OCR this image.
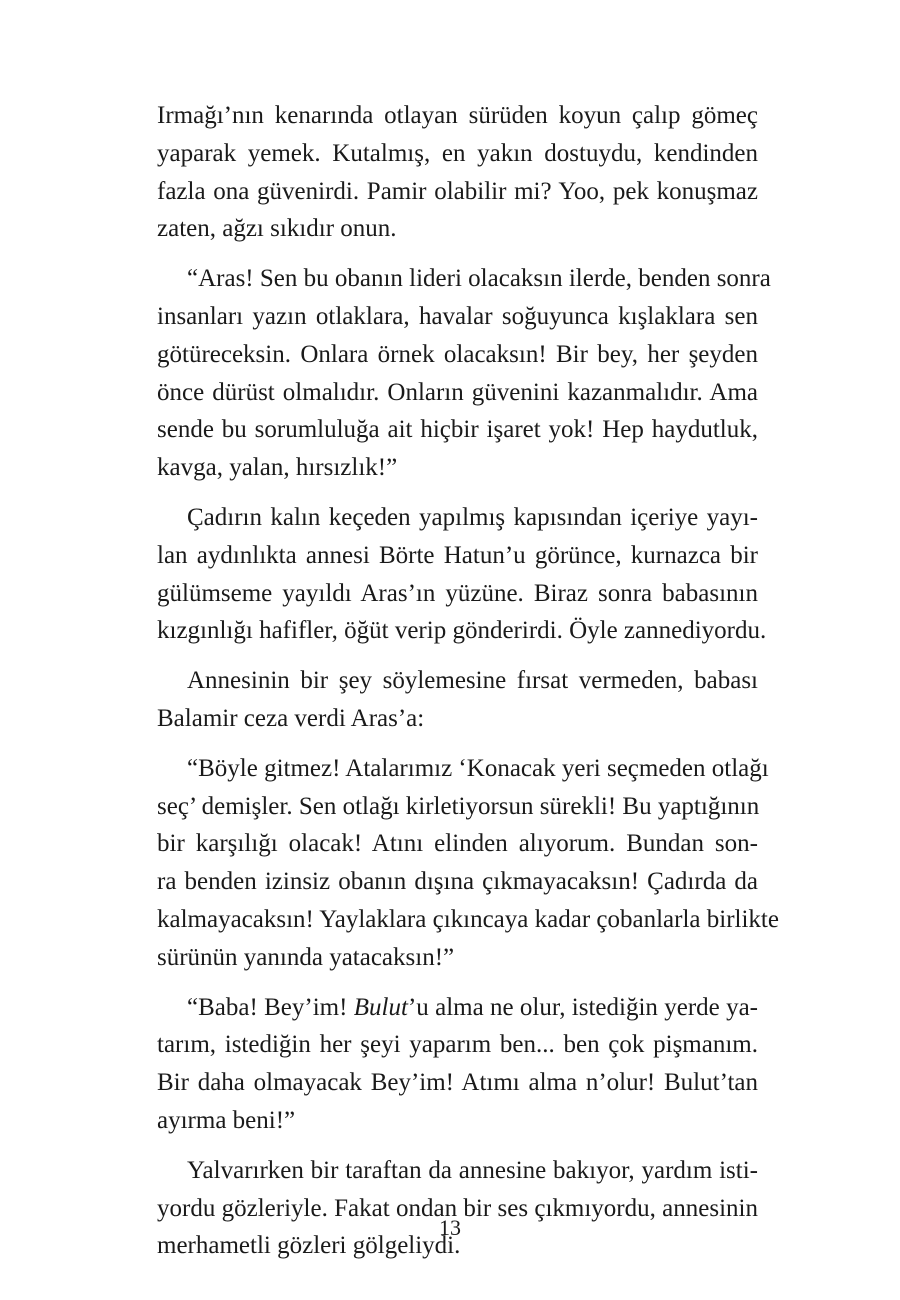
Irmağı’nın kenarında otlayan sürüden koyun çalıp gömeç
yaparak yemek. Kutalmış, en yakın dostuydu, kendinden
fazla ona güvenirdi. Pamir olabilir mi? Yoo, pek konuşmaz
zaten, ağzı sıkıdır onun.

“Aras! Sen bu obanın lideri olacaksın ilerde, benden sonra
insanları yazın otlaklara, havalar soğuyunca kışlaklara sen
götüreceksin. Onlara örnek olacaksın! Bir bey, her şeyden
önce dürüst olmalıdır. Onların güvenini kazanmalıdır. Ama
sende bu sorumluluğa ait hiçbir işaret yok! Hep haydutluk,
kavga, yalan, hırsızlık!”

Çadırın kalın keçeden yapılmış kapısından içeriye yayı-
lan aydınlıkta annesi Börte Hatun’u görünce, kurnazca bir
gülümseme yayıldı Aras’ın yüzüne. Biraz sonra babasının
kızgınlığı hafifler, öğüt verip gönderirdi. Öyle zannediyordu.

Annesinin bir şey söylemesine fırsat vermeden, babası
Balamir ceza verdi Aras’a:

“Böyle gitmez! Atalarımız ‘Konacak yeri seçmeden otlağı
seç’ demişler. Sen otlağı kirletiyorsun sürekli! Bu yaptığının
bir karşılığı olacak! Atını elinden alıyorum. Bundan son-
ra benden izinsiz obanın dışına çıkmayacaksın! Çadırda da
kalmayacaksın! Yaylaklara çıkıncaya kadar çobanlarla birlikte
sürünün yanında yatacaksın!”

“Baba! Bey’im! Bulut’u alma ne olur, istediğin yerde ya-
tarım, istediğin her şeyi yaparım ben... ben çok pişmanım.
Bir daha olmayacak Bey’im! Atımı alma n’olur! Bulut’tan
ayırma beni!”

Yalvarırken bir taraftan da annesine bakıyor, yardım isti-
yordu gözleriyle. Fakat ondan bir ses çıkmıyordu, annesinin
merhametli gözleri gölgeliydi.

13
